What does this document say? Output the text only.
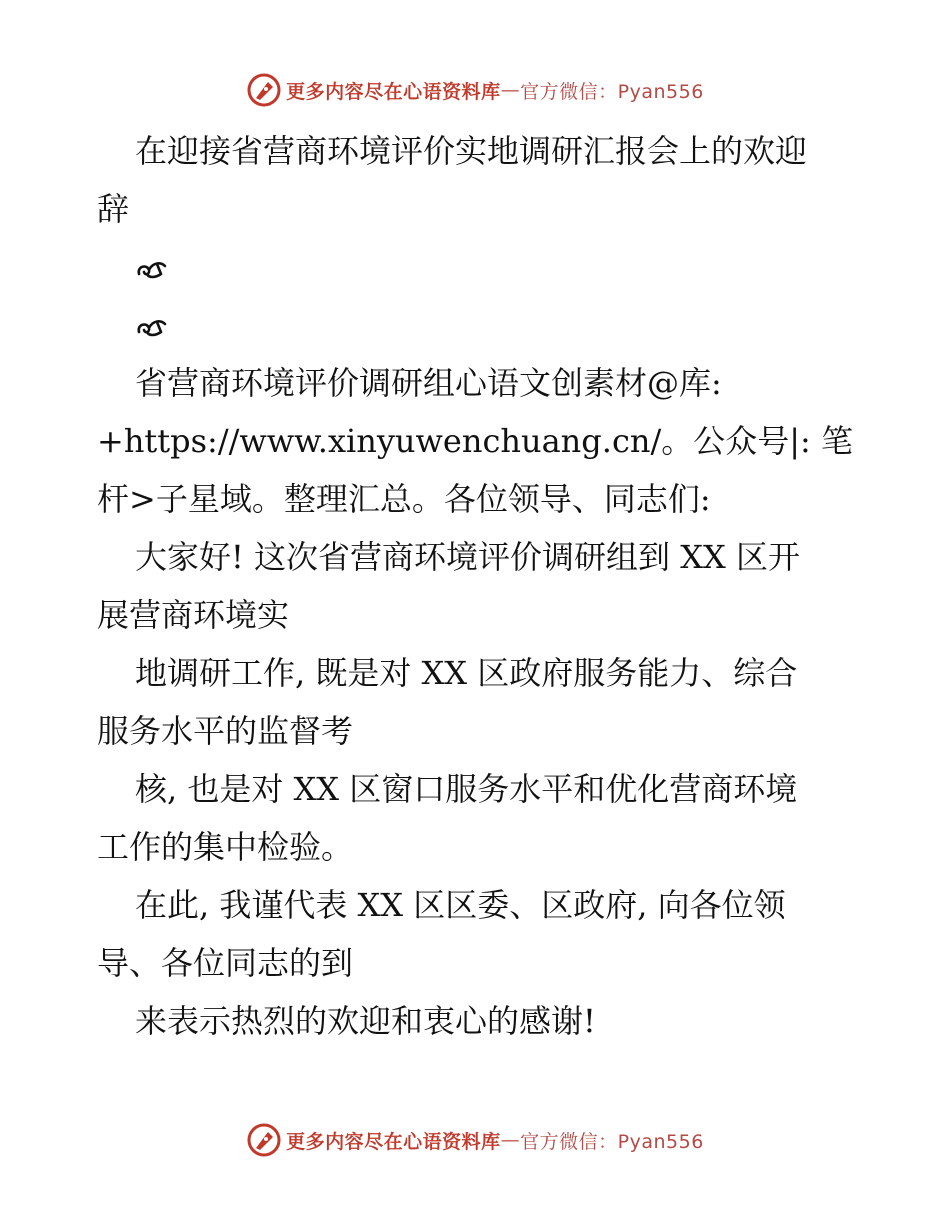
更多内容尽在心语资料库 — 官方微信：Pyan556
在迎接省营商环境评价实地调研汇报会上的欢迎
辞
省营商环境评价调研组心语文创素材@库:
+https://www.xinyuwenchuang.cn/。公众号|: 笔
杆>子星域。整理汇总。各位领导、同志们:
大家好! 这次省营商环境评价调研组到 XX 区开
展营商环境实
地调研工作, 既是对 XX 区政府服务能力、综合
服务水平的监督考
核, 也是对 XX 区窗口服务水平和优化营商环境
工作的集中检验。
在此, 我谨代表 XX 区区委、区政府, 向各位领
导、各位同志的到
来表示热烈的欢迎和衷心的感谢!
更多内容尽在心语资料库 — 官方微信：Pyan556
